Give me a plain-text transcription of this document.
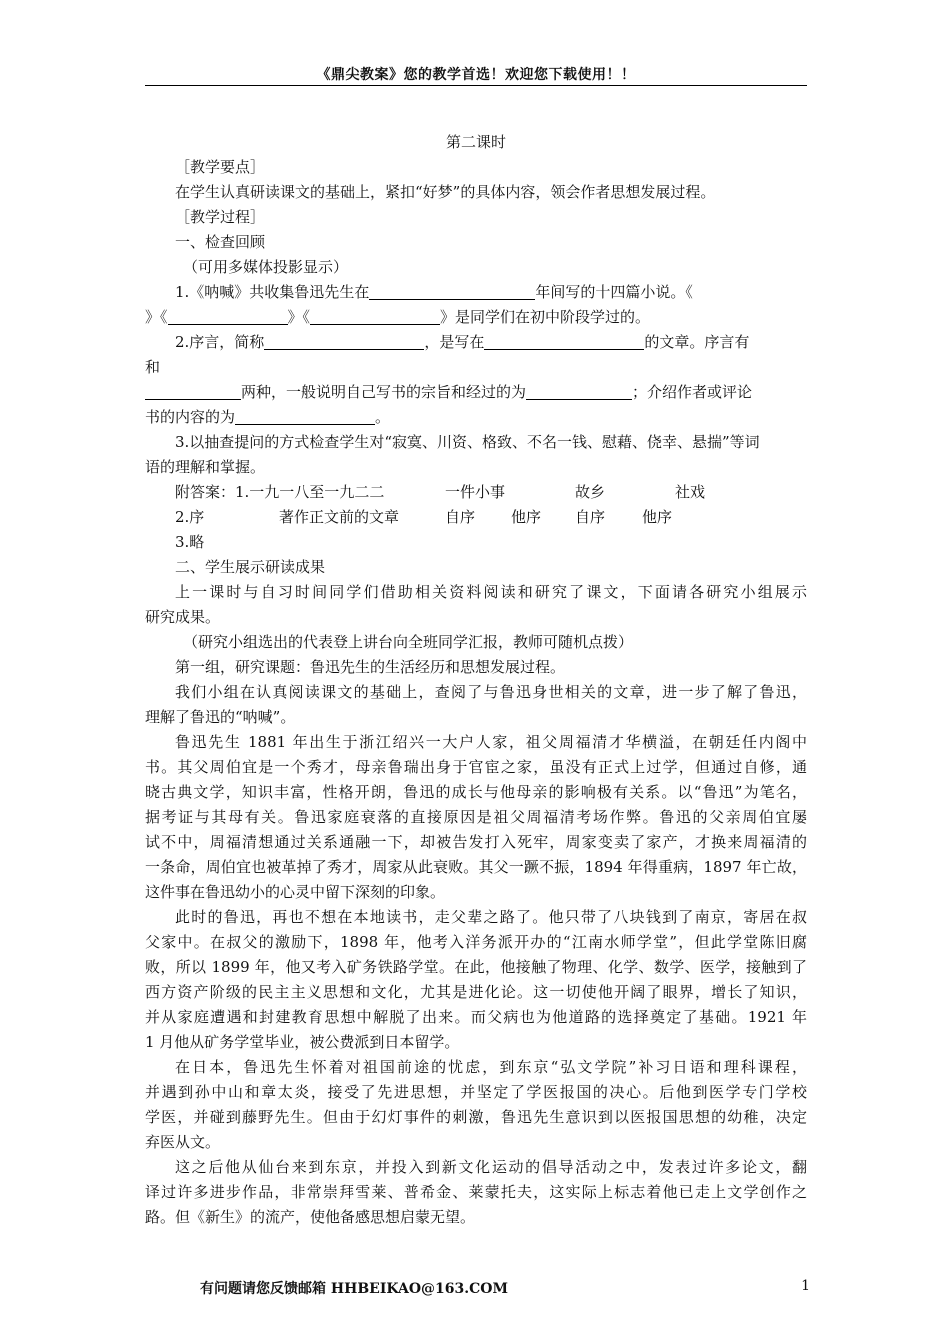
《鼎尖教案》您的教学首选！欢迎您下载使用！！
第二课时
［教学要点］
在学生认真研读课文的基础上，紧扣“好梦”的具体内容，领会作者思想发展过程。
［教学过程］
一、检查回顾
（可用多媒体投影显示）
1.《呐喊》共收集鲁迅先生在	年间写的十四篇小说。《
》《	》《	》是同学们在初中阶段学过的。
2.序言，简称	，是写在	的文章。序言有
和
两种，一般说明自己写书的宗旨和经过的为	；介绍作者或评论
书的内容的为	。
3.以抽查提问的方式检查学生对“寂寞、川资、格致、不名一钱、慰藉、侥幸、悬揣”等词
语的理解和掌握。
附答案：1.一九一八至一九二二	一件小事	故乡	社戏
2.序	著作正文前的文章	自序 他序 自序 他序
3.略
二、学生展示研读成果
上一课时与自习时间同学们借助相关资料阅读和研究了课文，下面请各研究小组展示
研究成果。
（研究小组选出的代表登上讲台向全班同学汇报，教师可随机点拨）
第一组，研究课题：鲁迅先生的生活经历和思想发展过程。
我们小组在认真阅读课文的基础上，查阅了与鲁迅身世相关的文章，进一步了解了鲁迅，
理解了鲁迅的“呐喊”。
鲁迅先生 1881 年出生于浙江绍兴一大户人家，祖父周福清才华横溢，在朝廷任内阁中
书。其父周伯宜是一个秀才，母亲鲁瑞出身于官宦之家，虽没有正式上过学，但通过自修，通
晓古典文学，知识丰富，性格开朗，鲁迅的成长与他母亲的影响极有关系。以“鲁迅”为笔名，
据考证与其母有关。鲁迅家庭衰落的直接原因是祖父周福清考场作弊。鲁迅的父亲周伯宜屡
试不中，周福清想通过关系通融一下，却被告发打入死牢，周家变卖了家产，才换来周福清的
一条命，周伯宜也被革掉了秀才，周家从此衰败。其父一蹶不振，1894 年得重病，1897 年亡故，
这件事在鲁迅幼小的心灵中留下深刻的印象。
此时的鲁迅，再也不想在本地读书，走父辈之路了。他只带了八块钱到了南京，寄居在叔
父家中。在叔父的激励下，1898 年，他考入洋务派开办的“江南水师学堂”，但此学堂陈旧腐
败，所以 1899 年，他又考入矿务铁路学堂。在此，他接触了物理、化学、数学、医学，接触到了
西方资产阶级的民主主义思想和文化，尤其是进化论。这一切使他开阔了眼界，增长了知识，
并从家庭遭遇和封建教育思想中解脱了出来。而父病也为他道路的选择奠定了基础。1921 年
1 月他从矿务学堂毕业，被公费派到日本留学。
在日本，鲁迅先生怀着对祖国前途的忧虑，到东京“弘文学院”补习日语和理科课程，
并遇到孙中山和章太炎，接受了先进思想，并坚定了学医报国的决心。后他到医学专门学校
学医，并碰到藤野先生。但由于幻灯事件的刺激，鲁迅先生意识到以医报国思想的幼稚，决定
弃医从文。
这之后他从仙台来到东京，并投入到新文化运动的倡导活动之中，发表过许多论文，翻
译过许多进步作品，非常崇拜雪莱、普希金、莱蒙托夫，这实际上标志着他已走上文学创作之
路。但《新生》的流产，使他备感思想启蒙无望。
有问题请您反馈邮箱 HHBEIKAO@163.COM	1
